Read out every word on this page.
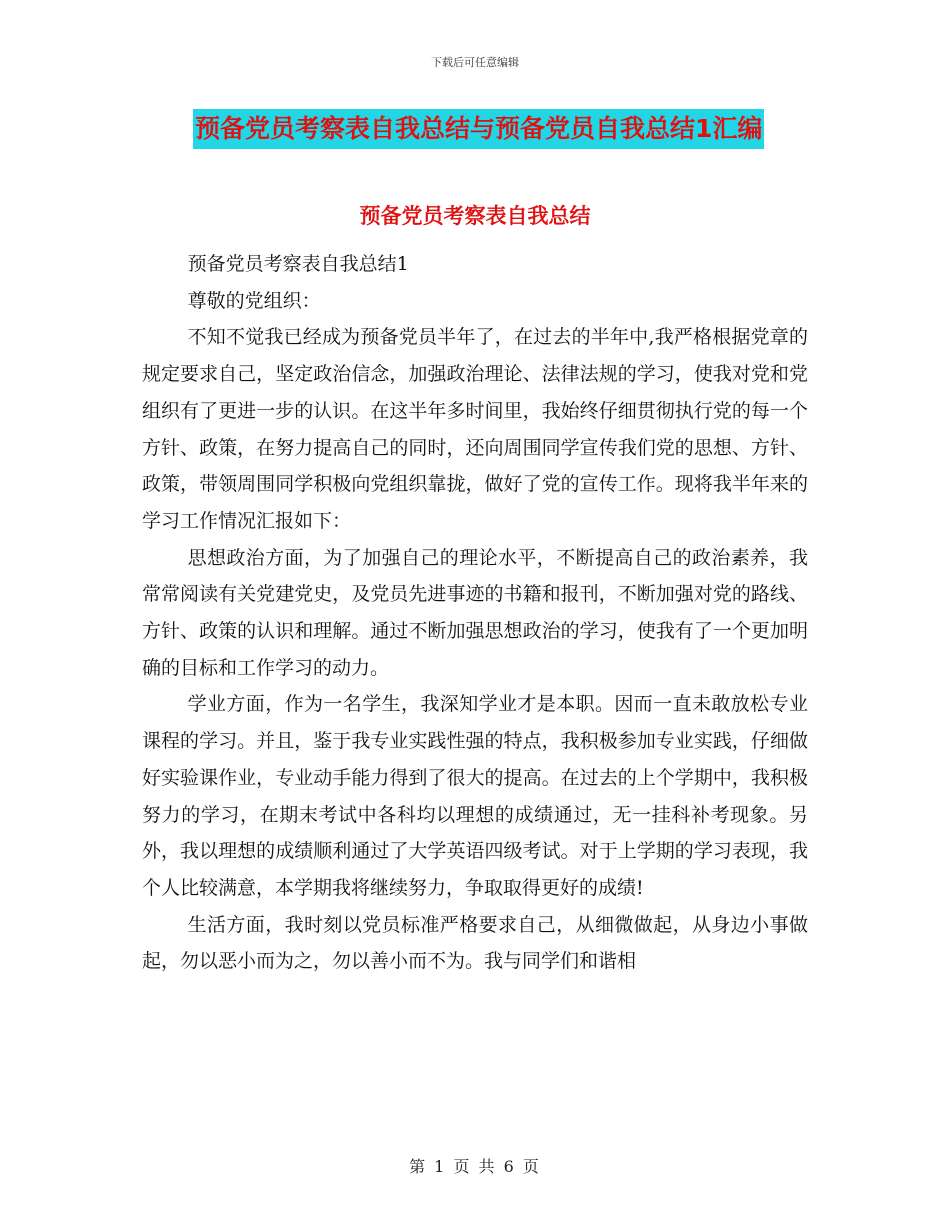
下载后可任意编辑
预备党员考察表自我总结与预备党员自我总结1汇编
预备党员考察表自我总结

预备党员考察表自我总结1

尊敬的党组织：

不知不觉我已经成为预备党员半年了，在过去的半年中,我严格根据党章的规定要求自己，坚定政治信念，加强政治理论、法律法规的学习，使我对党和党组织有了更进一步的认识。在这半年多时间里，我始终仔细贯彻执行党的每一个方针、政策，在努力提高自己的同时，还向周围同学宣传我们党的思想、方针、政策，带领周围同学积极向党组织靠拢，做好了党的宣传工作。现将我半年来的学习工作情况汇报如下：

思想政治方面，为了加强自己的理论水平，不断提高自己的政治素养，我常常阅读有关党建党史，及党员先进事迹的书籍和报刊，不断加强对党的路线、方针、政策的认识和理解。通过不断加强思想政治的学习，使我有了一个更加明确的目标和工作学习的动力。

学业方面，作为一名学生，我深知学业才是本职。因而一直未敢放松专业课程的学习。并且，鉴于我专业实践性强的特点，我积极参加专业实践，仔细做好实验课作业，专业动手能力得到了很大的提高。在过去的上个学期中，我积极努力的学习，在期末考试中各科均以理想的成绩通过，无一挂科补考现象。另外，我以理想的成绩顺利通过了大学英语四级考试。对于上学期的学习表现，我个人比较满意，本学期我将继续努力，争取取得更好的成绩!

生活方面，我时刻以党员标准严格要求自己，从细微做起，从身边小事做起，勿以恶小而为之，勿以善小而不为。我与同学们和谐相

第 1 页 共 6 页
